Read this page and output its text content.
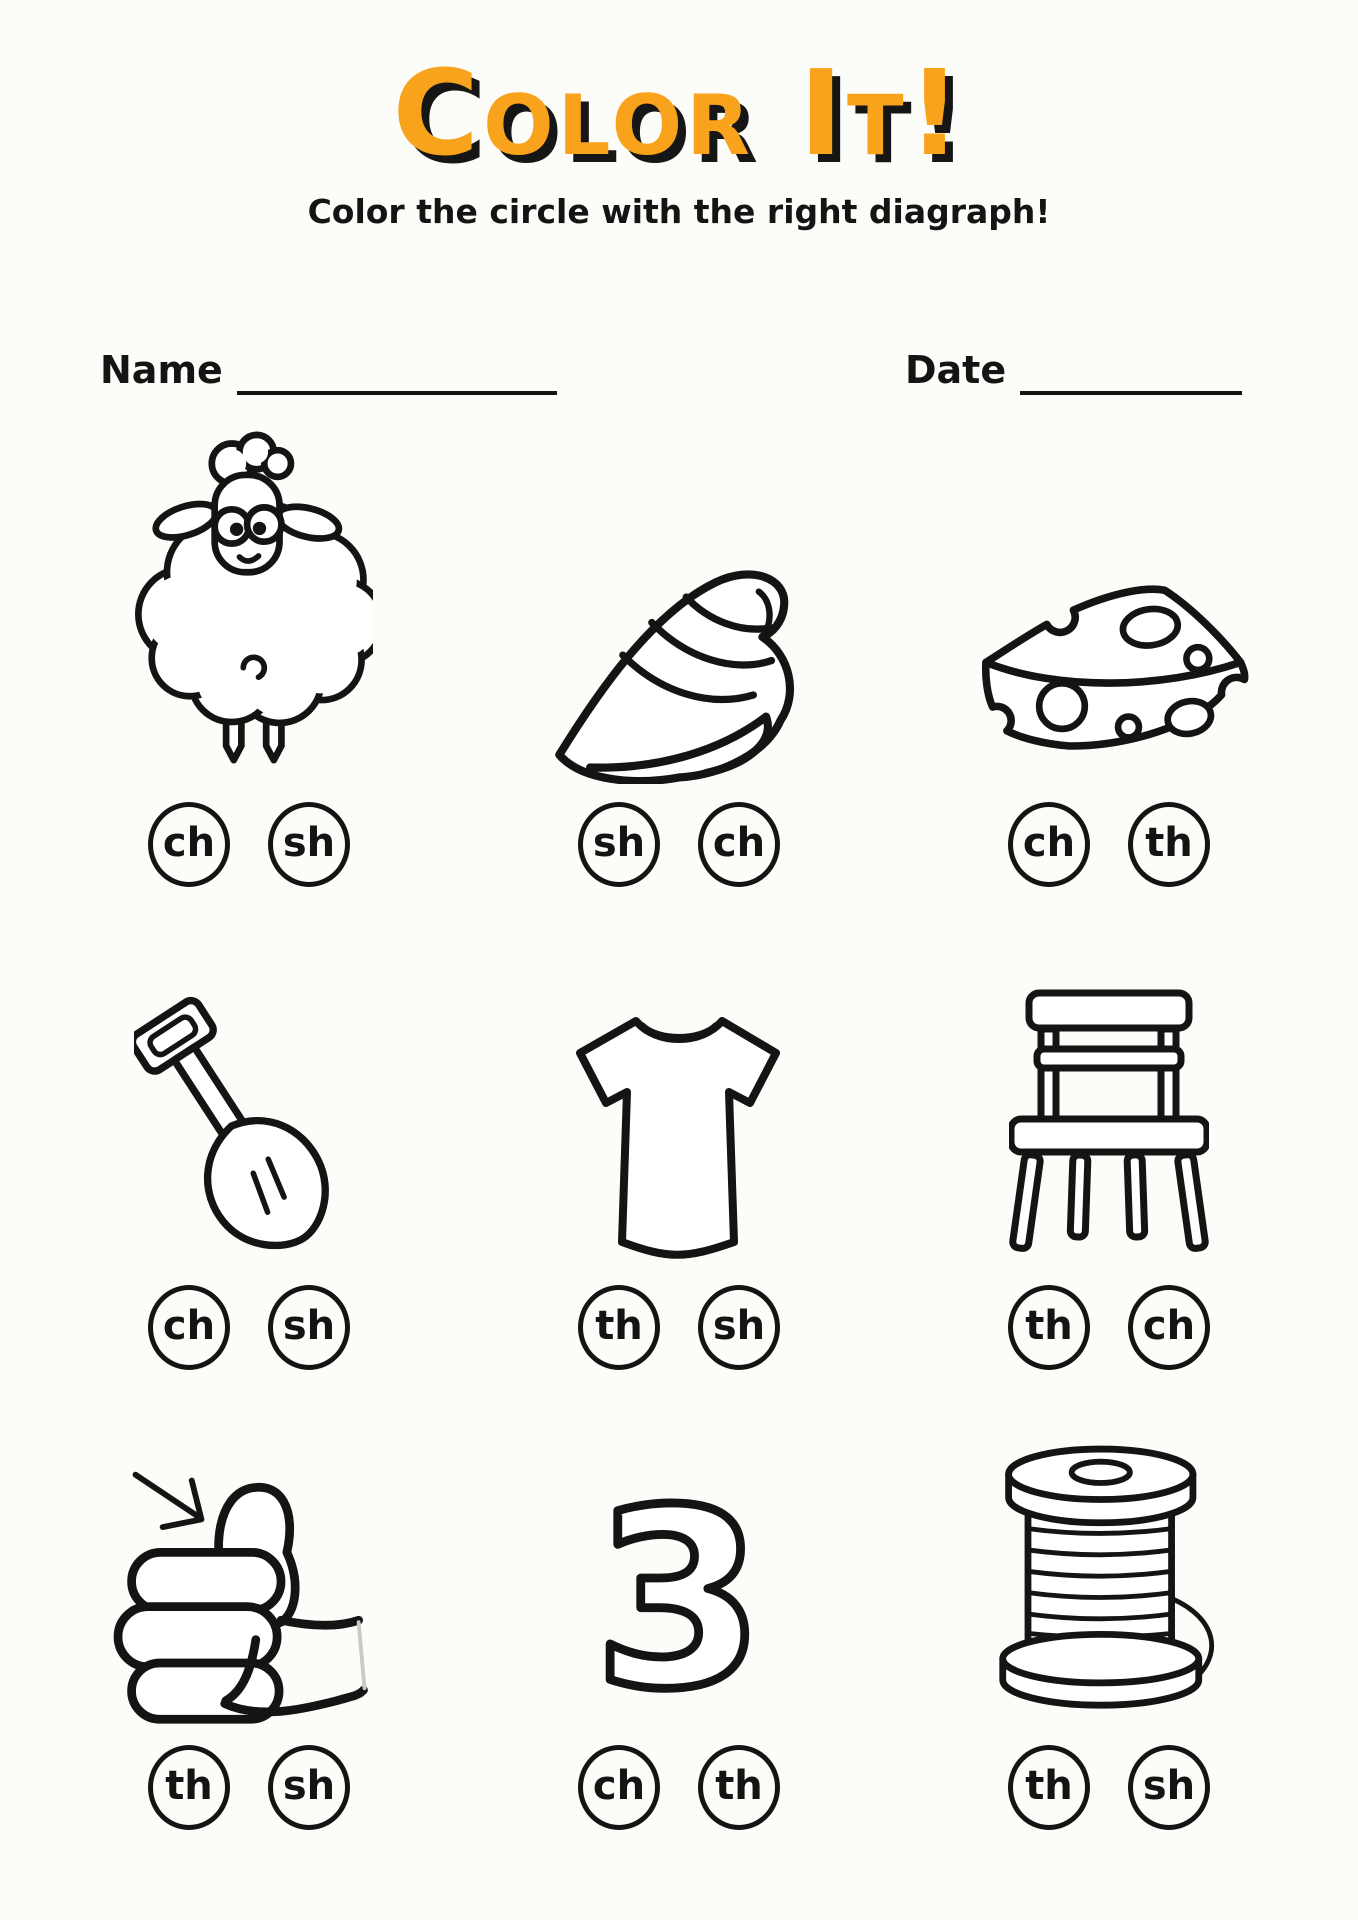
Color It!
Color the circle with the right diagraph!
Name	Date
ch	sh	sh	ch	ch	th
ch	sh	th	sh	th	ch
th	sh
3
ch	th	th	sh
